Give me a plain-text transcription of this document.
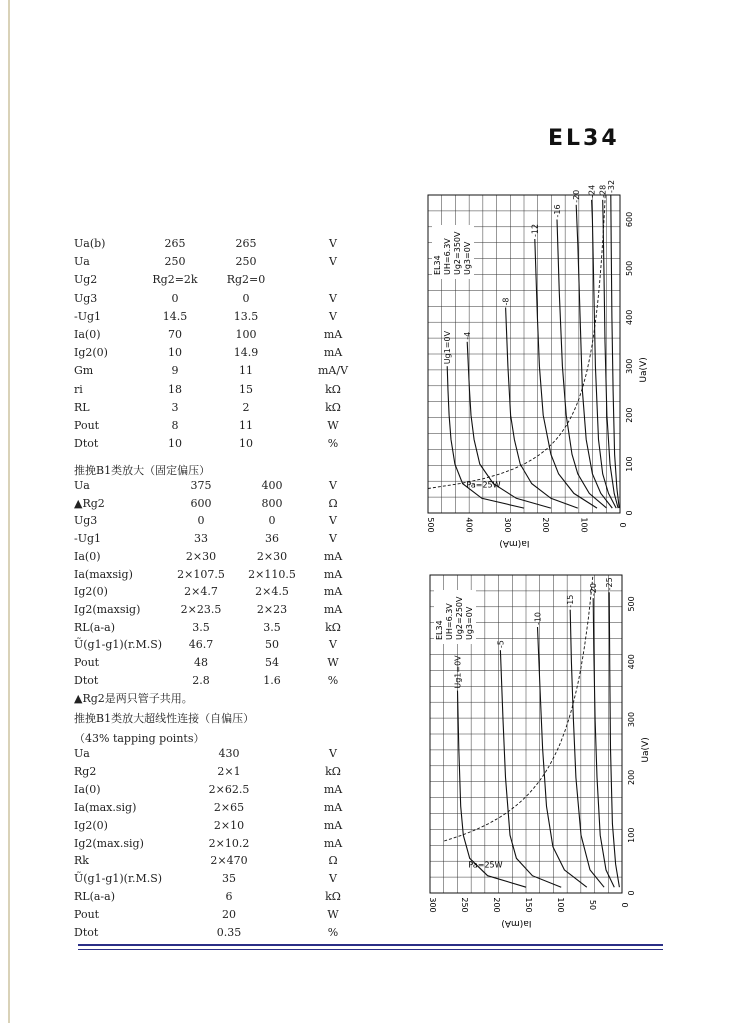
EL34
Ua(b)	265	265	V
Ua	250	250	V
Ug2	Rg2=2k	Rg2=0
Ug3	0	0	V
-Ug1	14.5	13.5	V
Ia(0)	70	100	mA
Ig2(0)	10	14.9	mA
Gm	9	11	mA/V
ri	18	15	kΩ
RL	3	2	kΩ
Pout	8	11	W
Dtot	10	10	%
Ua	375	400	V
▲Rg2	600	800	Ω
Ug3	0	0	V
-Ug1	33	36	V
Ia(0)	2×30	2×30	mA
Ia(maxsig)	2×107.5	2×110.5	mA
Ig2(0)	2×4.7	2×4.5	mA
Ig2(maxsig)	2×23.5	2×23	mA
RL(a-a)	3.5	3.5	kΩ
Ũ(g1-g1)(r.M.S)	46.7	50	V
Pout	48	54	W
Dtot	2.8	1.6	%
Ua	430	V
Rg2	2×1	kΩ
Ia(0)	2×62.5	mA
Ia(max.sig)	2×65	mA
Ig2(0)	2×10	mA
Ig2(max.sig)	2×10.2	mA
Rk	2×470	Ω
Ũ(g1-g1)(r.M.S)	35	V
RL(a-a)	6	kΩ
Pout	20	W
Dtot	0.35	%
推挽B1类放大（固定偏压）
▲Rg2是两只管子共用。
推挽B1类放大超线性连接（自偏压）
（43% tapping points）
0
100
200
300
400
500
600
0
100
200
300
400
500
Ua(V)
Ia(mA)
EL34 UH=6.3V Ug2=350V Ug3=0V
Ug1=0V -4
-8
-12
-16
-20 -24 -28 -32
Pa=25W
0
100
200
300
400
500
0
50
100
150
200
250
300
Ua(V)
Ia(mA)
EL34 UH=6.3V Ug2=250V Ug3=0V
Ug1=0V
-5
-10
-15
-20 -25
Pa=25W
